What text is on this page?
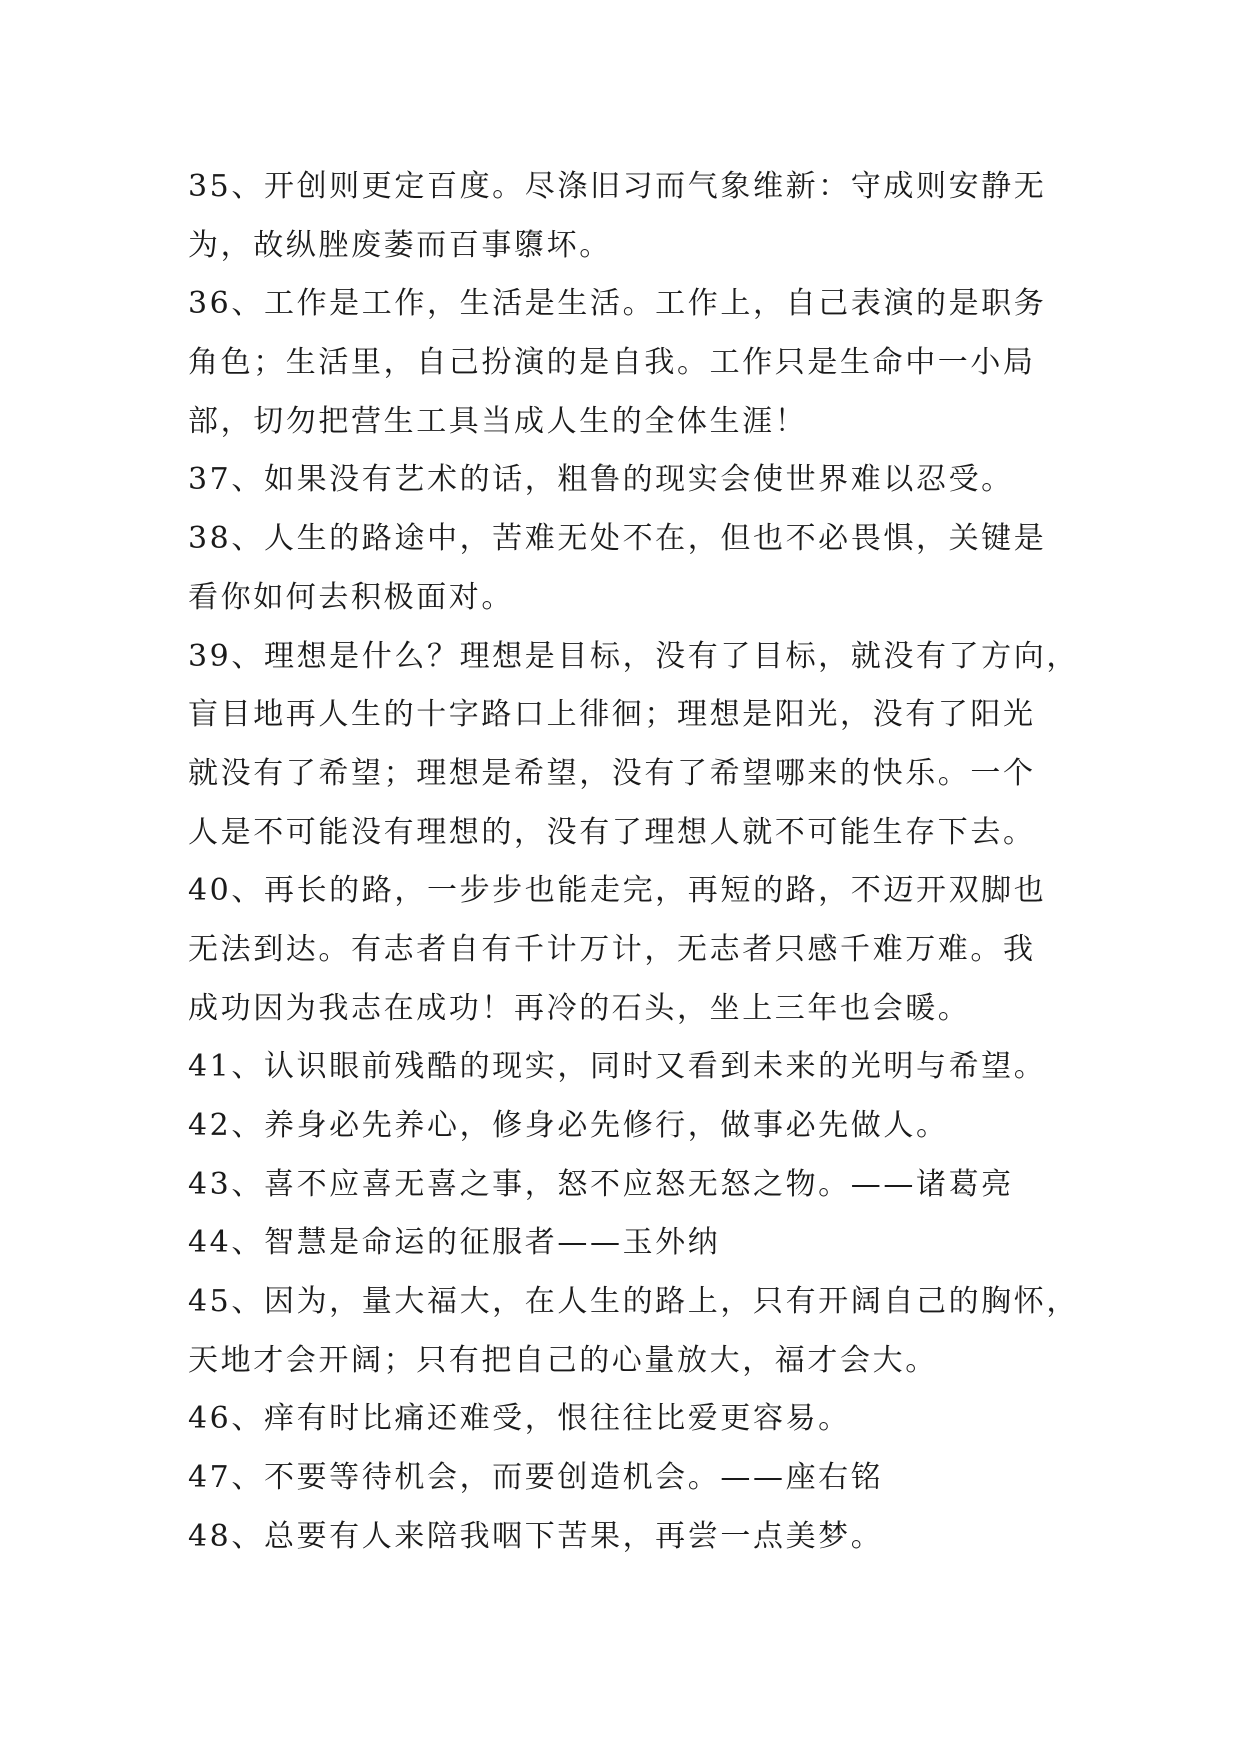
35、开创则更定百度。尽涤旧习而气象维新：守成则安静无
为，故纵脞废萎而百事隳坏。
36、工作是工作，生活是生活。工作上，自己表演的是职务
角色；生活里，自己扮演的是自我。工作只是生命中一小局
部，切勿把营生工具当成人生的全体生涯！
37、如果没有艺术的话，粗鲁的现实会使世界难以忍受。
38、人生的路途中，苦难无处不在，但也不必畏惧，关键是
看你如何去积极面对。
39、理想是什么？理想是目标，没有了目标，就没有了方向，
盲目地再人生的十字路口上徘徊；理想是阳光，没有了阳光
就没有了希望；理想是希望，没有了希望哪来的快乐。一个
人是不可能没有理想的，没有了理想人就不可能生存下去。
40、再长的路，一步步也能走完，再短的路，不迈开双脚也
无法到达。有志者自有千计万计，无志者只感千难万难。我
成功因为我志在成功！再冷的石头，坐上三年也会暖。
41、认识眼前残酷的现实，同时又看到未来的光明与希望。
42、养身必先养心，修身必先修行，做事必先做人。
43、喜不应喜无喜之事，怒不应怒无怒之物。——诸葛亮
44、智慧是命运的征服者——玉外纳
45、因为，量大福大，在人生的路上，只有开阔自己的胸怀，
天地才会开阔；只有把自己的心量放大，福才会大。
46、痒有时比痛还难受，恨往往比爱更容易。
47、不要等待机会，而要创造机会。——座右铭
48、总要有人来陪我咽下苦果，再尝一点美梦。
